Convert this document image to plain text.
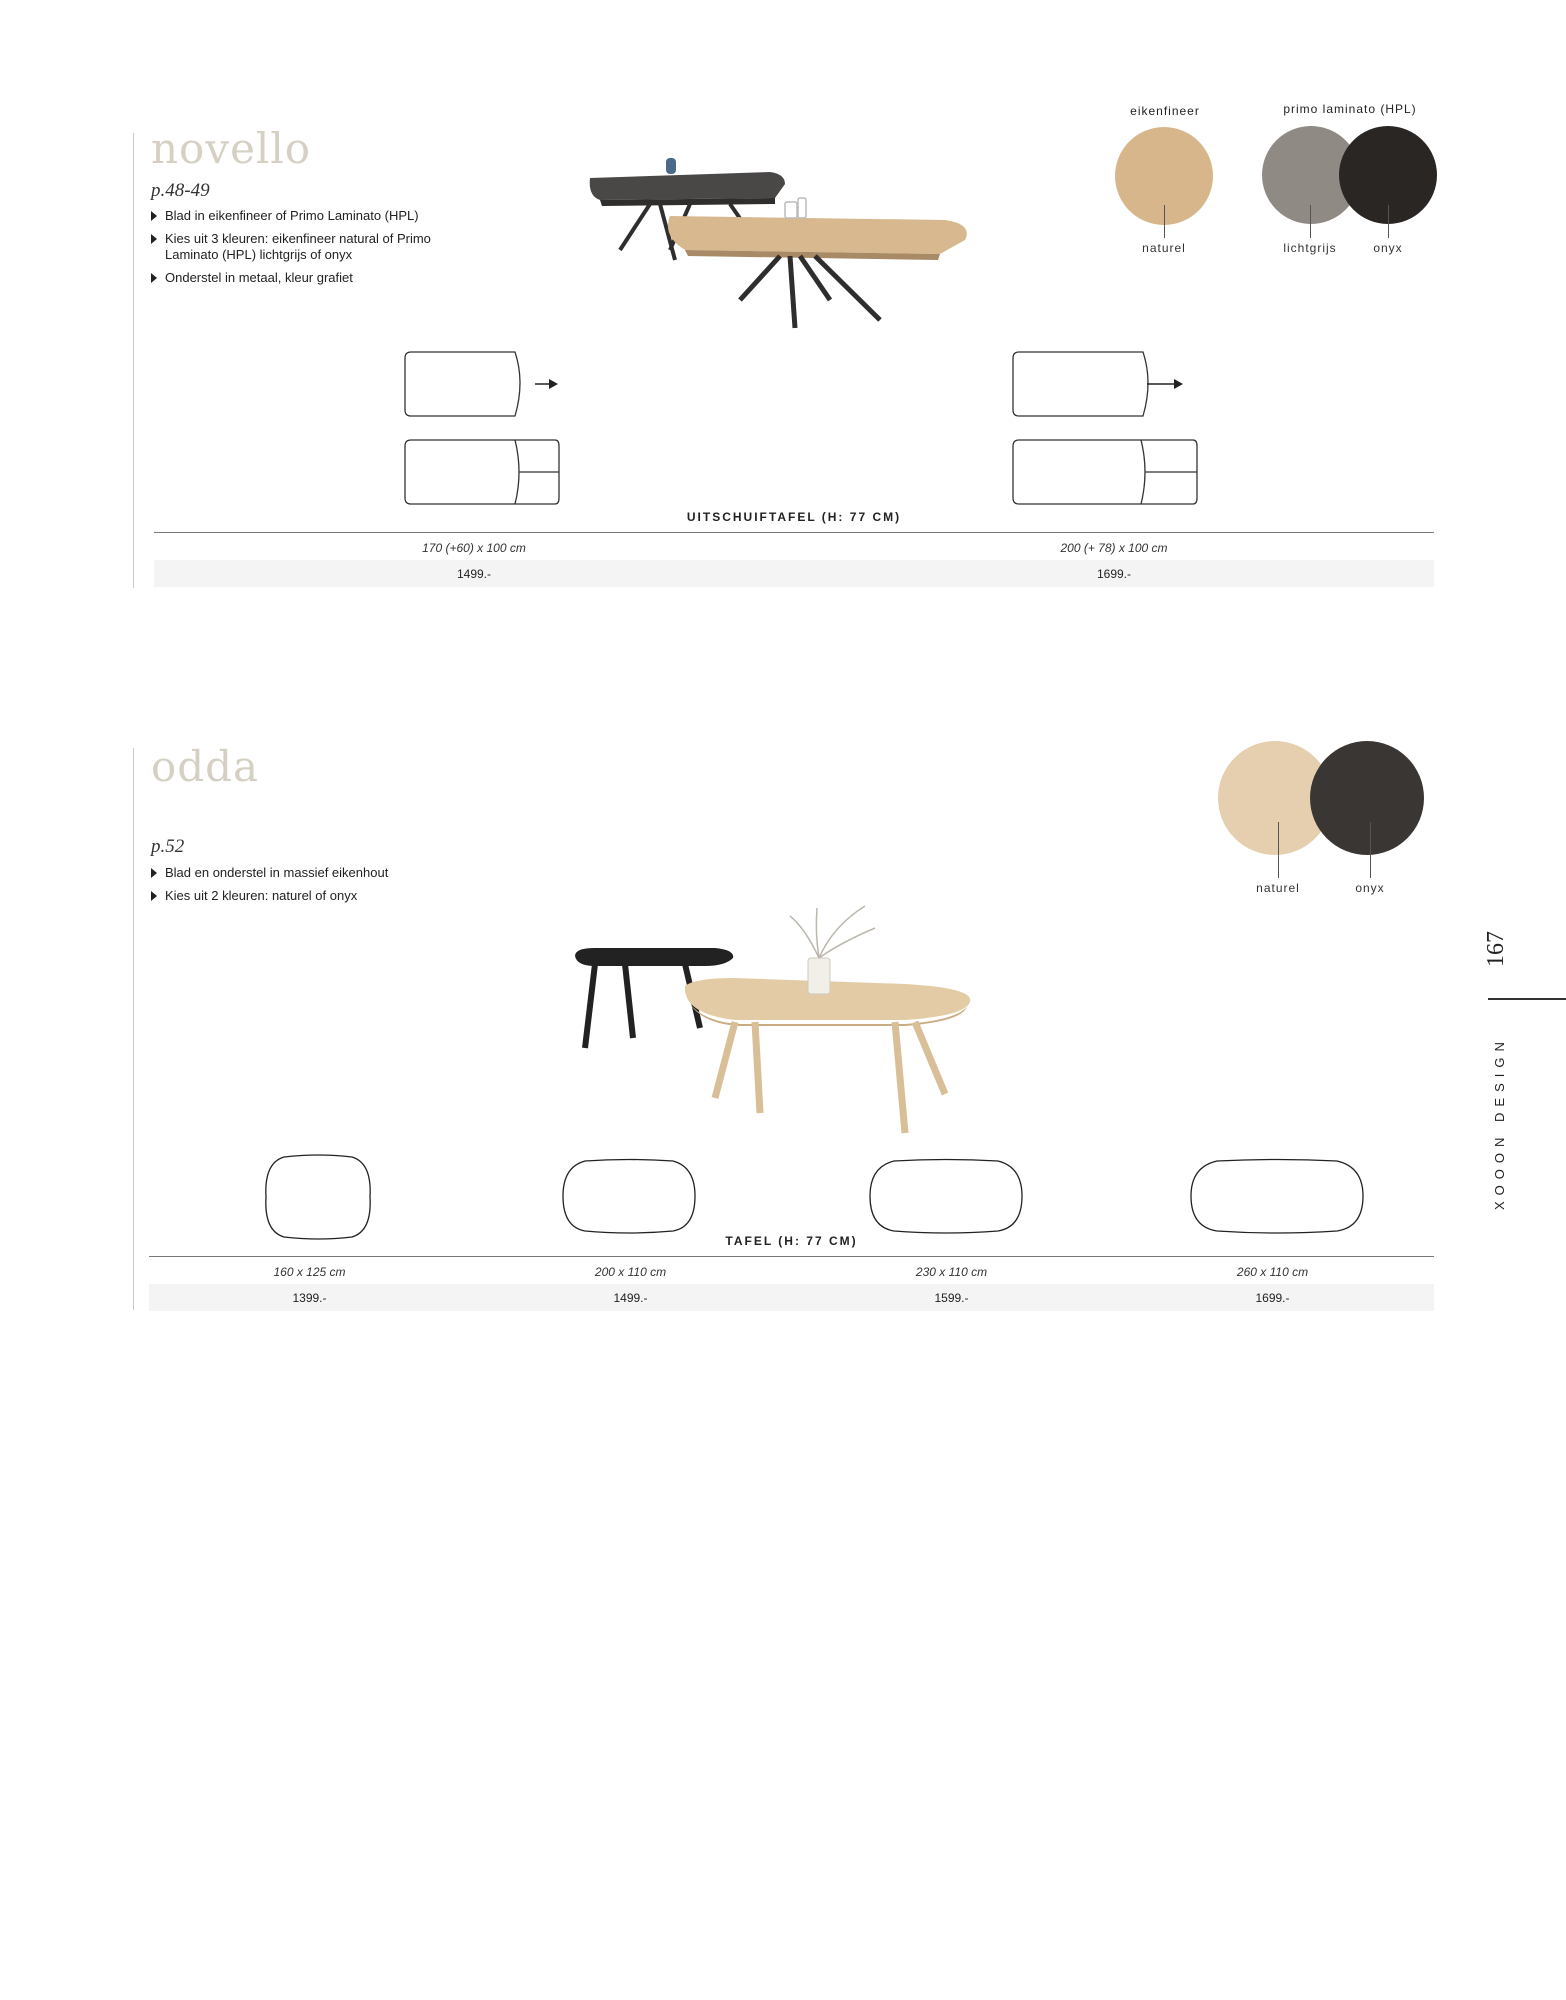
novello
p.48-49
Blad in eikenfineer of Primo Laminato (HPL)
Kies uit 3 kleuren: eikenfineer natural of Primo Laminato (HPL) lichtgrijs of onyx
Onderstel in metaal, kleur grafiet
eikenfineer	primo laminato (HPL)
naturel	lichtgrijs	onyx
UITSCHUIFTAFEL (H: 77 CM)
170 (+60) x 100 cm	200 (+ 78) x 100 cm
1499.-	1699.-
odda
p.52
Blad en onderstel in massief eikenhout
Kies uit 2 kleuren: naturel of onyx	naturel	onyx
TAFEL (H: 77 CM)
160 x 125 cm	200 x 110 cm	230 x 110 cm	260 x 110 cm
1399.-	1499.-	1599.-	1699.-
167
XOOON DESIGN
